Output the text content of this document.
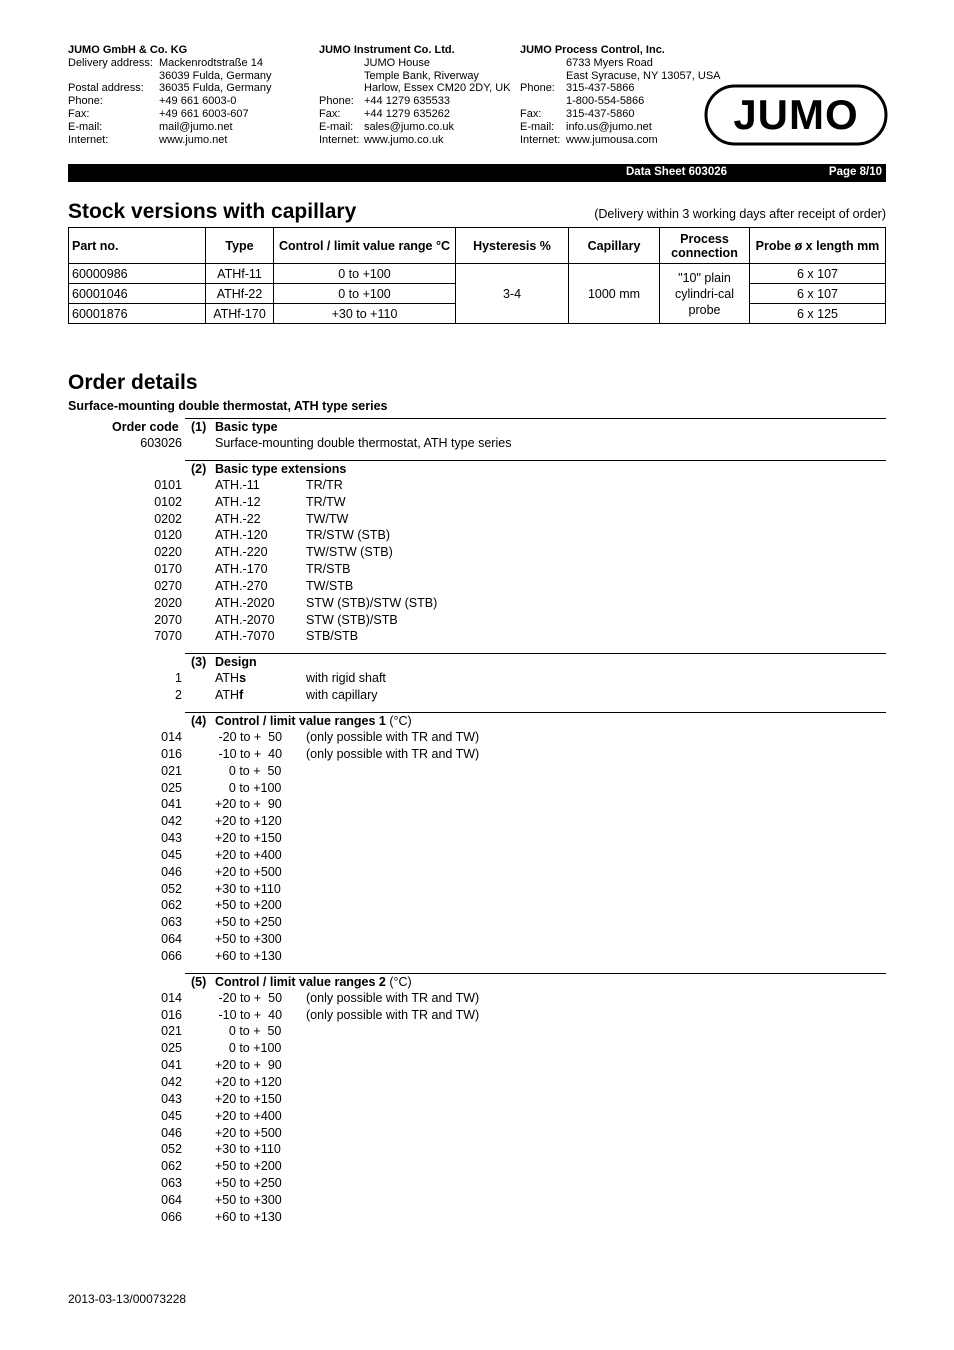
JUMO GmbH & Co. KG
Delivery address: Mackenrodtstraße 14
36039 Fulda, Germany
Postal address:	36035 Fulda, Germany
Phone:	+49 661 6003-0
Fax:	+49 661 6003-607
E-mail:	mail@jumo.net
Internet:	www.jumo.net
JUMO Instrument Co. Ltd.
JUMO House
Temple Bank, Riverway
Harlow, Essex CM20 2DY, UK
Phone: +44 1279 635533
Fax:	+44 1279 635262
E-mail: sales@jumo.co.uk
Internet: www.jumo.co.uk
JUMO Process Control, Inc.
6733 Myers Road
East Syracuse, NY 13057, USA
Phone:	315-437-5866
1-800-554-5866
Fax:	315-437-5860
E-mail:	info.us@jumo.net
Internet: www.jumousa.com
JUMO
Data Sheet 603026	Page 8/10
Stock versions with capillary	(Delivery within 3 working days after receipt of order)
Part no.	Type	Control / limit value range °C	Hysteresis %	Capillary	Process connection	Probe ø x length mm
60000986	ATHf-11	0 to +100	3-4	1000 mm	"10" plain cylindri-cal probe	6 x 107
60001046	ATHf-22	0 to +100				6 x 107
60001876	ATHf-170	+30 to +110				6 x 125
Order details
Surface-mounting double thermostat, ATH type series
Order code (1) Basic type
603026	Surface-mounting double thermostat, ATH type series
(2) Basic type extensions
0101	ATH.-11	TR/TR
0102	ATH.-12	TR/TW
0202	ATH.-22	TW/TW
0120	ATH.-120	TR/STW (STB)
0220	ATH.-220	TW/STW (STB)
0170	ATH.-170	TR/STB
0270	ATH.-270	TW/STB
2020	ATH.-2020	STW (STB)/STW (STB)
2070	ATH.-2070	STW (STB)/STB
7070	ATH.-7070	STB/STB
(3) Design
1	ATHs	with rigid shaft
2	ATHf	with capillary
(4) Control / limit value ranges 1 (°C)
014	-20 to +  50 (only possible with TR and TW)
016	-10 to +  40 (only possible with TR and TW)
021	0 to +  50
025	0 to +100
041	+20 to +  90
042	+20 to +120
043	+20 to +150
045	+20 to +400
046	+20 to +500
052	+30 to +110
062	+50 to +200
063	+50 to +250
064	+50 to +300
066	+60 to +130
(5) Control / limit value ranges 2 (°C)
014	-20 to +  50 (only possible with TR and TW)
016	-10 to +  40 (only possible with TR and TW)
021	0 to +  50
025	0 to +100
041	+20 to +  90
042	+20 to +120
043	+20 to +150
045	+20 to +400
046	+20 to +500
052	+30 to +110
062	+50 to +200
063	+50 to +250
064	+50 to +300
066	+60 to +130
2013-03-13/00073228
